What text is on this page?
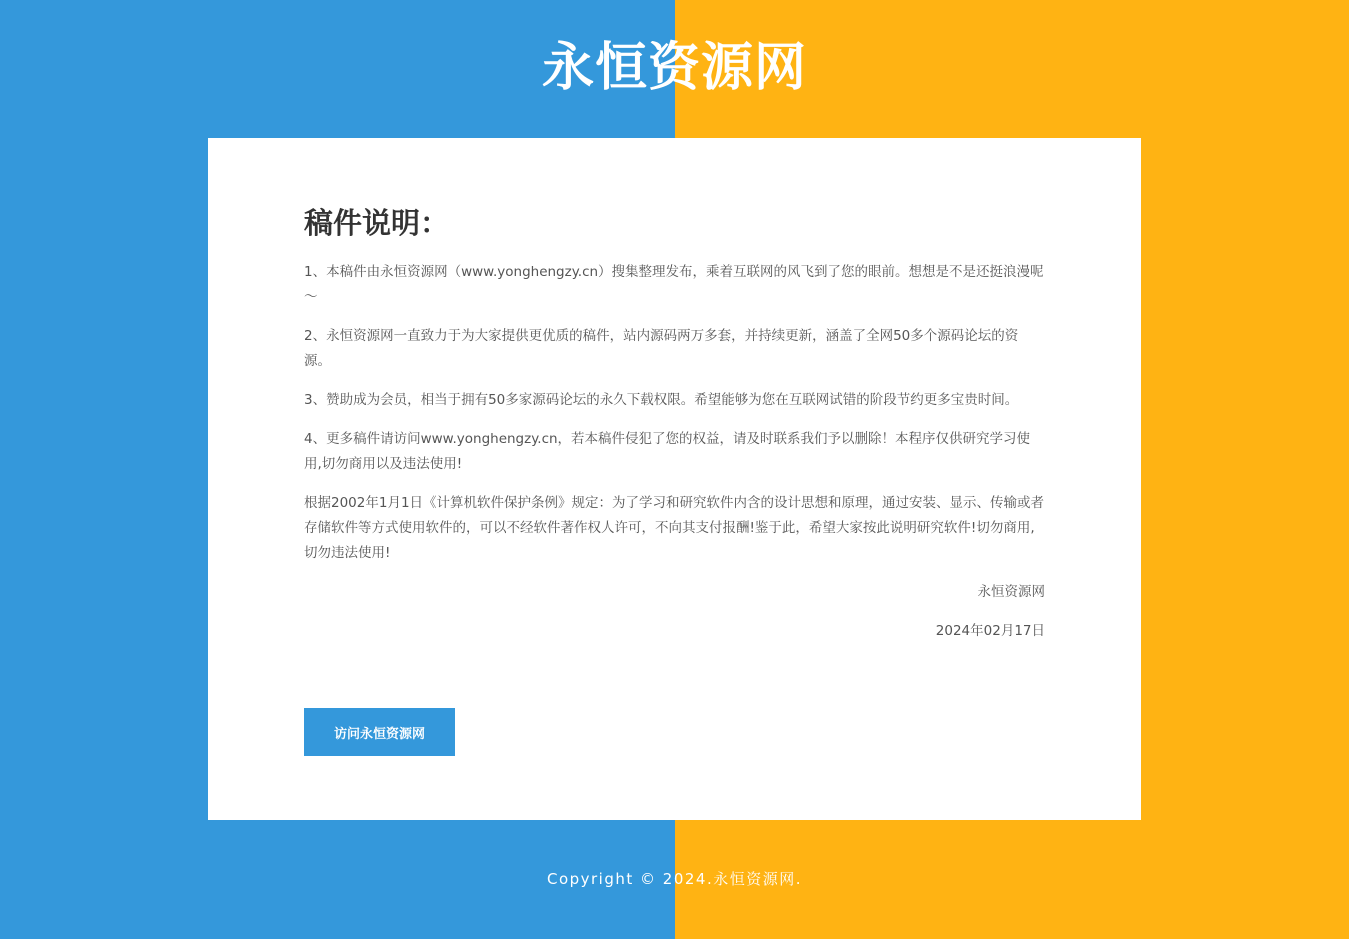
永恒资源网
稿件说明：

1、本稿件由永恒资源网（www.yonghengzy.cn）搜集整理发布，乘着互联网的风飞到了您的眼前。想想是不是还挺浪漫呢～

2、永恒资源网一直致力于为大家提供更优质的稿件，站内源码两万多套，并持续更新，涵盖了全网50多个源码论坛的资源。

3、赞助成为会员，相当于拥有50多家源码论坛的永久下载权限。希望能够为您在互联网试错的阶段节约更多宝贵时间。

4、更多稿件请访问www.yonghengzy.cn，若本稿件侵犯了您的权益，请及时联系我们予以删除！本程序仅供研究学习使用,切勿商用以及违法使用!

根据2002年1月1日《计算机软件保护条例》规定：为了学习和研究软件内含的设计思想和原理，通过安装、显示、传输或者存储软件等方式使用软件的，可以不经软件著作权人许可，不向其支付报酬!鉴于此，希望大家按此说明研究软件!切勿商用,切勿违法使用!

永恒资源网

2024年02月17日

访问永恒资源网
Copyright © 2024.永恒资源网.
